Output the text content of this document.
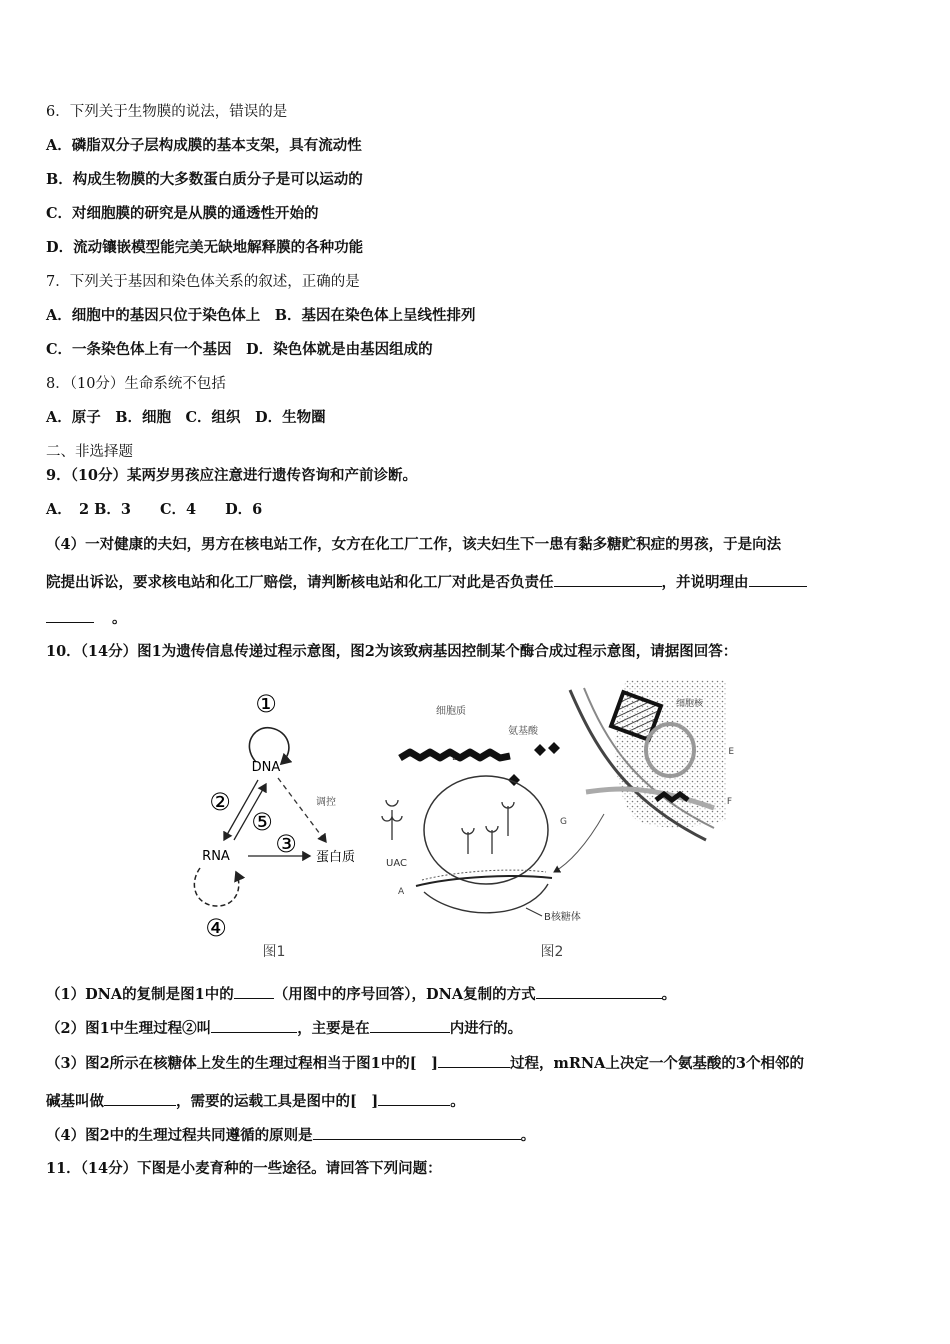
6．下列关于生物膜的说法，错误的是
A．磷脂双分子层构成膜的基本支架，具有流动性
B．构成生物膜的大多数蛋白质分子是可以运动的
C．对细胞膜的研究是从膜的通透性开始的
D．流动镶嵌模型能完美无缺地解释膜的各种功能
7．下列关于基因和染色体关系的叙述，正确的是
A．细胞中的基因只位于染色体上　B．基因在染色体上呈线性排列
C．一条染色体上有一个基因　D．染色体就是由基因组成的
8．（10分）生命系统不包括
A．原子　B．细胞　C．组织　D．生物圈
二、非选择题
9．（10分）某两岁男孩应注意进行遗传咨询和产前诊断。
A．　2 B．3　　C．4　　D．6
（4）一对健康的夫妇，男方在核电站工作，女方在化工厂工作，该夫妇生下一患有黏多糖贮积症的男孩，于是向法
院提出诉讼，要求核电站和化工厂赔偿，请判断核电站和化工厂对此是否负责任	，并说明理由
。
10．（14分）图1为遗传信息传递过程示意图，图2为该致病基因控制某个酶合成过程示意图，请据图回答：
①
DNA
调控
②
⑤
③
RNA	蛋白质
④
图1
细胞质
氨基酸
D
UAC
G
A
B核糖体
细胞核
E
F
图2
（1）DNA的复制是图1中的	（用图中的序号回答），DNA复制的方式	。
（2）图1中生理过程②叫	，主要是在	内进行的。
（3）图2所示在核糖体上发生的生理过程相当于图1中的[　]	过程，mRNA上决定一个氨基酸的3个相邻的
碱基叫做	，需要的运载工具是图中的[　]	。
（4）图2中的生理过程共同遵循的原则是	。
11．（14分）下图是小麦育种的一些途径。请回答下列问题：
